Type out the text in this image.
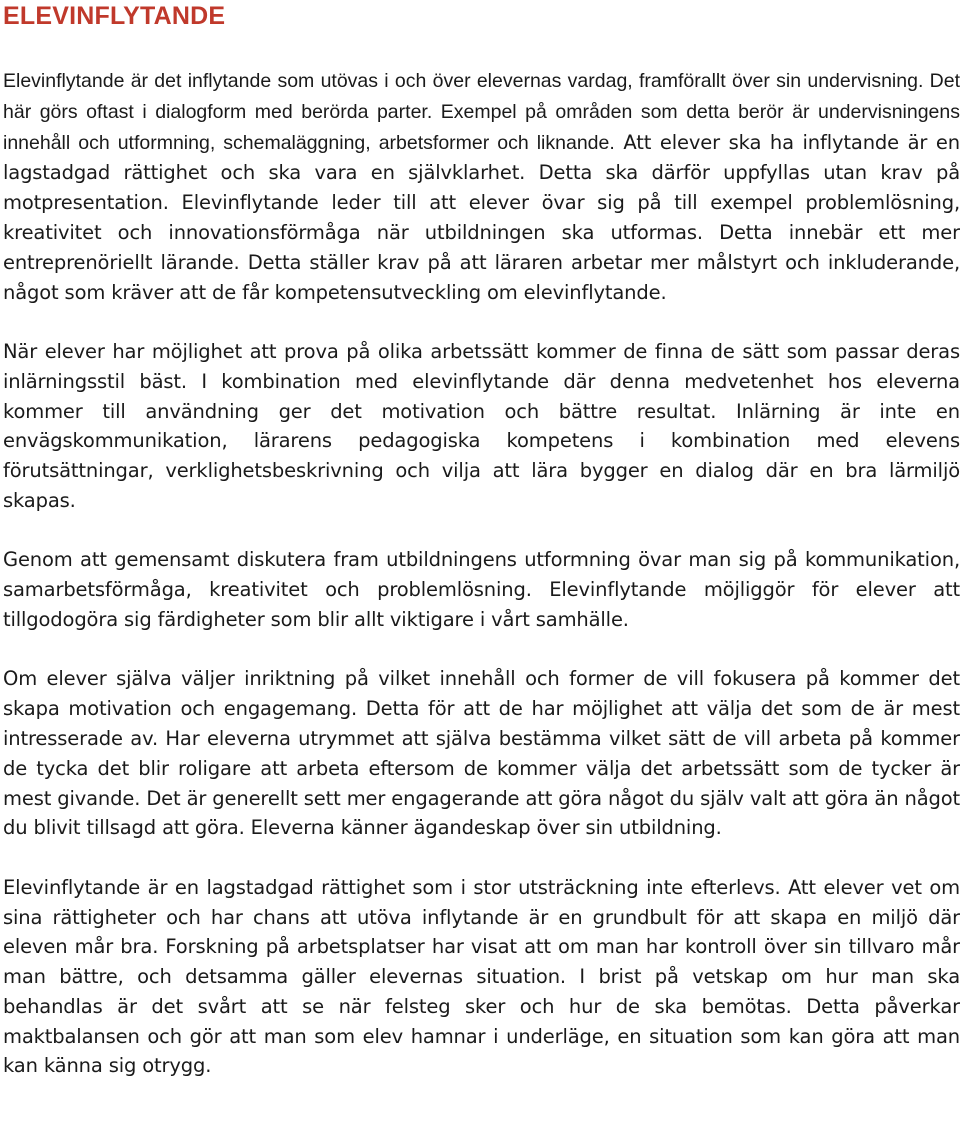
ELEVINFLYTANDE

Elevinflytande är det inflytande som utövas i och över elevernas vardag, framförallt över sin undervisning. Det här görs oftast i dialogform med berörda parter. Exempel på områden som detta berör är undervisningens innehåll och utformning, schemaläggning, arbetsformer och liknande. Att elever ska ha inflytande är en lagstadgad rättighet och ska vara en självklarhet. Detta ska därför uppfyllas utan krav på motpresentation. Elevinflytande leder till att elever övar sig på till exempel problemlösning, kreativitet och innovationsförmåga när utbildningen ska utformas. Detta innebär ett mer entreprenöriellt lärande. Detta ställer krav på att läraren arbetar mer målstyrt och inkluderande, något som kräver att de får kompetensutveckling om elevinflytande.

När elever har möjlighet att prova på olika arbetssätt kommer de finna de sätt som passar deras inlärningsstil bäst. I kombination med elevinflytande där denna medvetenhet hos eleverna kommer till användning ger det motivation och bättre resultat. Inlärning är inte en envägskommunikation, lärarens pedagogiska kompetens i kombination med elevens förutsättningar, verklighetsbeskrivning och vilja att lära bygger en dialog där en bra lärmiljö skapas.

Genom att gemensamt diskutera fram utbildningens utformning övar man sig på kommunikation, samarbetsförmåga, kreativitet och problemlösning. Elevinflytande möjliggör för elever att tillgodogöra sig färdigheter som blir allt viktigare i vårt samhälle.

Om elever själva väljer inriktning på vilket innehåll och former de vill fokusera på kommer det skapa motivation och engagemang. Detta för att de har möjlighet att välja det som de är mest intresserade av. Har eleverna utrymmet att själva bestämma vilket sätt de vill arbeta på kommer de tycka det blir roligare att arbeta eftersom de kommer välja det arbetssätt som de tycker är mest givande. Det är generellt sett mer engagerande att göra något du själv valt att göra än något du blivit tillsagd att göra. Eleverna känner ägandeskap över sin utbildning.

Elevinflytande är en lagstadgad rättighet som i stor utsträckning inte efterlevs. Att elever vet om sina rättigheter och har chans att utöva inflytande är en grundbult för att skapa en miljö där eleven mår bra. Forskning på arbetsplatser har visat att om man har kontroll över sin tillvaro mår man bättre, och detsamma gäller elevernas situation. I brist på vetskap om hur man ska behandlas är det svårt att se när felsteg sker och hur de ska bemötas. Detta påverkar maktbalansen och gör att man som elev hamnar i underläge, en situation som kan göra att man kan känna sig otrygg.
